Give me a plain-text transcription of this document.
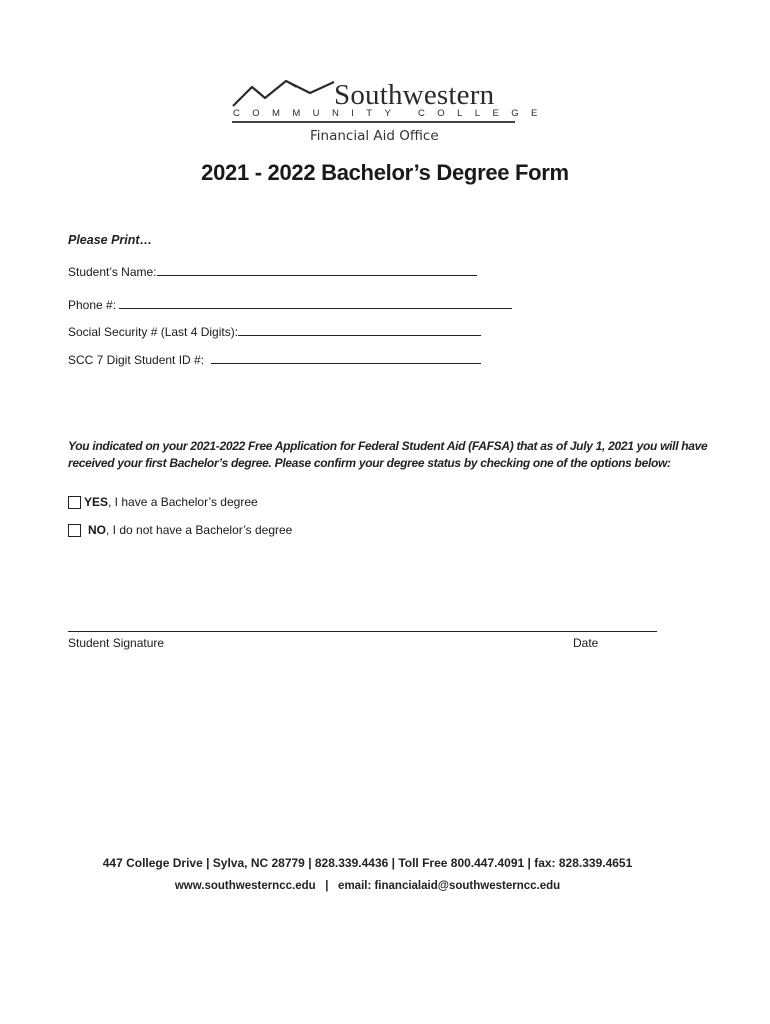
Southwestern
COMMUNITY COLLEGE
Financial Aid Office
2021 - 2022 Bachelor’s Degree Form
Please Print…
Student’s Name:
Phone #:
Social Security # (Last 4 Digits):
SCC 7 Digit Student ID #:
You indicated on your 2021-2022 Free Application for Federal Student Aid (FAFSA) that as of July 1, 2021 you will have received your first Bachelor’s degree. Please confirm your degree status by checking one of the options below:
YES , I have a Bachelor’s degree
NO , I do not have a Bachelor’s degree
Student Signature	Date
447 College Drive | Sylva, NC 28779 | 828.339.4436 | Toll Free 800.447.4091 | fax: 828.339.4651
www.southwesterncc.edu | email: financialaid@southwesterncc.edu
